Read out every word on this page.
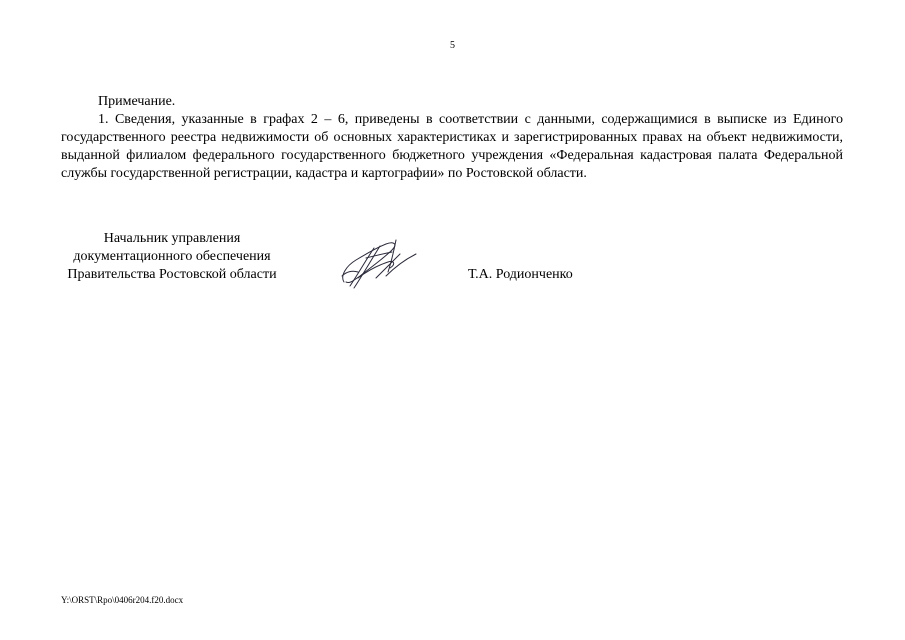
5
Примечание.

1. Сведения, указанные в графах 2 – 6, приведены в соответствии с данными, содержащимися в выписке из Единого государственного реестра недвижимости об основных характеристиках и зарегистрированных правах на объект недвижимости, выданной филиалом федерального государственного бюджетного учреждения «Федеральная кадастровая палата Федеральной службы государственной регистрации, кадастра и картографии» по Ростовской области.

Начальник управления
документационного обеспечения
Правительства Ростовской области	Т.А. Родионченко
Y:\ORST\Rpo\0406r204.f20.docx
